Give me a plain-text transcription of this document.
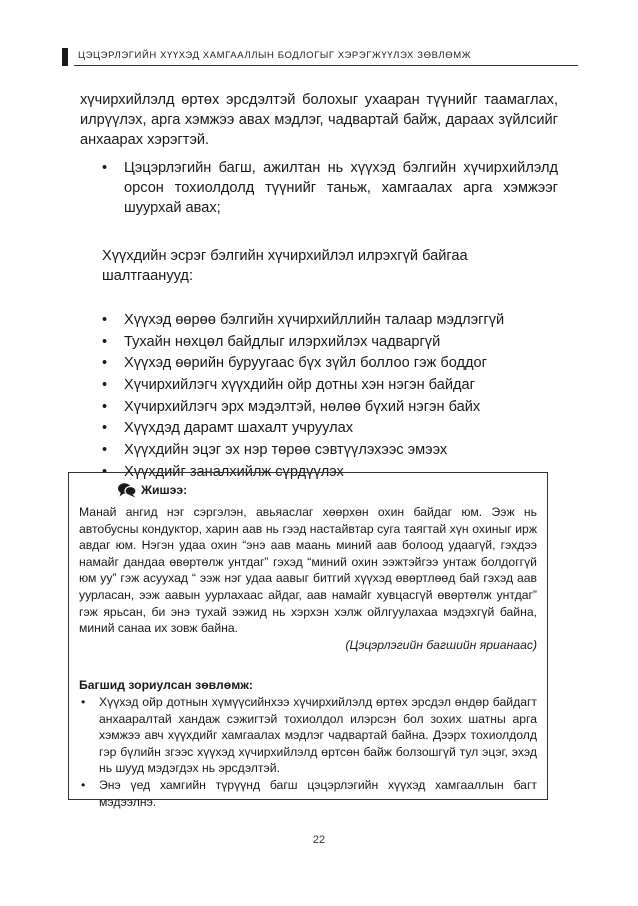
ЦЭЦЭРЛЭГИЙН ХҮҮХЭД ХАМГААЛЛЫН БОДЛОГЫГ ХЭРЭГЖҮҮЛЭХ ЗӨВЛӨМЖ

хүчирхийлэлд өртөх эрсдэлтэй болохыг ухааран түүнийг таамаглах, илрүүлэх, арга хэмжээ авах мэдлэг, чадвартай байж, дараах зүйлсийг анхаарах хэрэгтэй.

•	Цэцэрлэгийн багш, ажилтан нь хүүхэд бэлгийн хүчирхийлэлд орсон тохиолдолд түүнийг таньж, хамгаалах арга хэмжээг шуурхай авах;

Хүүхдийн эсрэг бэлгийн хүчирхийлэл илрэхгүй байгаа шалтгаанууд:

•	Хүүхэд өөрөө бэлгийн хүчирхийллийн талаар мэдлэггүй
•	Тухайн нөхцөл байдлыг илэрхийлэх чадваргүй
•	Хүүхэд өөрийн буруугаас бүх зүйл боллоо гэж боддог
•	Хүчирхийлэгч хүүхдийн ойр дотны хэн нэгэн байдаг
•	Хүчирхийлэгч эрх мэдэлтэй, нөлөө бүхий нэгэн байх
•	Хүүхдэд дарамт шахалт учруулах
•	Хүүхдийн эцэг эх нэр төрөө сэвтүүлэхээс эмээх
•	Хүүхдийг заналхийлж сүрдүүлэх
Жишээ:

Манай ангид нэг сэргэлэн, авьяаслаг хөөрхөн охин байдаг юм. Ээж нь автобусны кондуктор, харин аав нь гээд настайвтар суга таягтай хүн охиныг ирж авдаг юм. Нэгэн удаа охин “энэ аав маань миний аав болоод удаагүй, гэхдээ намайг дандаа өвөртөлж унтдаг” гэхэд “миний охин ээжтэйгээ унтаж болдоггүй юм уу” гэж асуухад “ ээж нэг удаа аавыг битгий хүүхэд өвөртлөөд бай гэхэд аав уурласан, ээж аавын уурлахаас айдаг, аав намайг хувцасгүй өвөртөлж унтдаг” гэж ярьсан, би энэ тухай ээжид нь хэрхэн хэлж ойлгуулахаа мэдэхгүй байна, миний санаа их зовж байна.

(Цэцэрлэгийн багшийн ярианаас)

Багшид зориулсан зөвлөмж:

• Хүүхэд ойр дотнын хүмүүсийнхээ хүчирхийлэлд өртөх эрсдэл өндөр байдагт анхааралтай хандаж сэжигтэй тохиолдол илэрсэн бол зохих шатны арга хэмжээ авч хүүхдийг хамгаалах мэдлэг чадвартай байна. Дээрх тохиолдолд гэр бүлийн згээс хүүхэд хүчирхийлэлд өртсөн байж болзошгүй тул эцэг, эхэд нь шууд мэдэгдэх нь эрсдэлтэй.
• Энэ үед хамгийн түрүүнд багш цэцэрлэгийн хүүхэд хамгааллын багт мэдээлнэ.
22
